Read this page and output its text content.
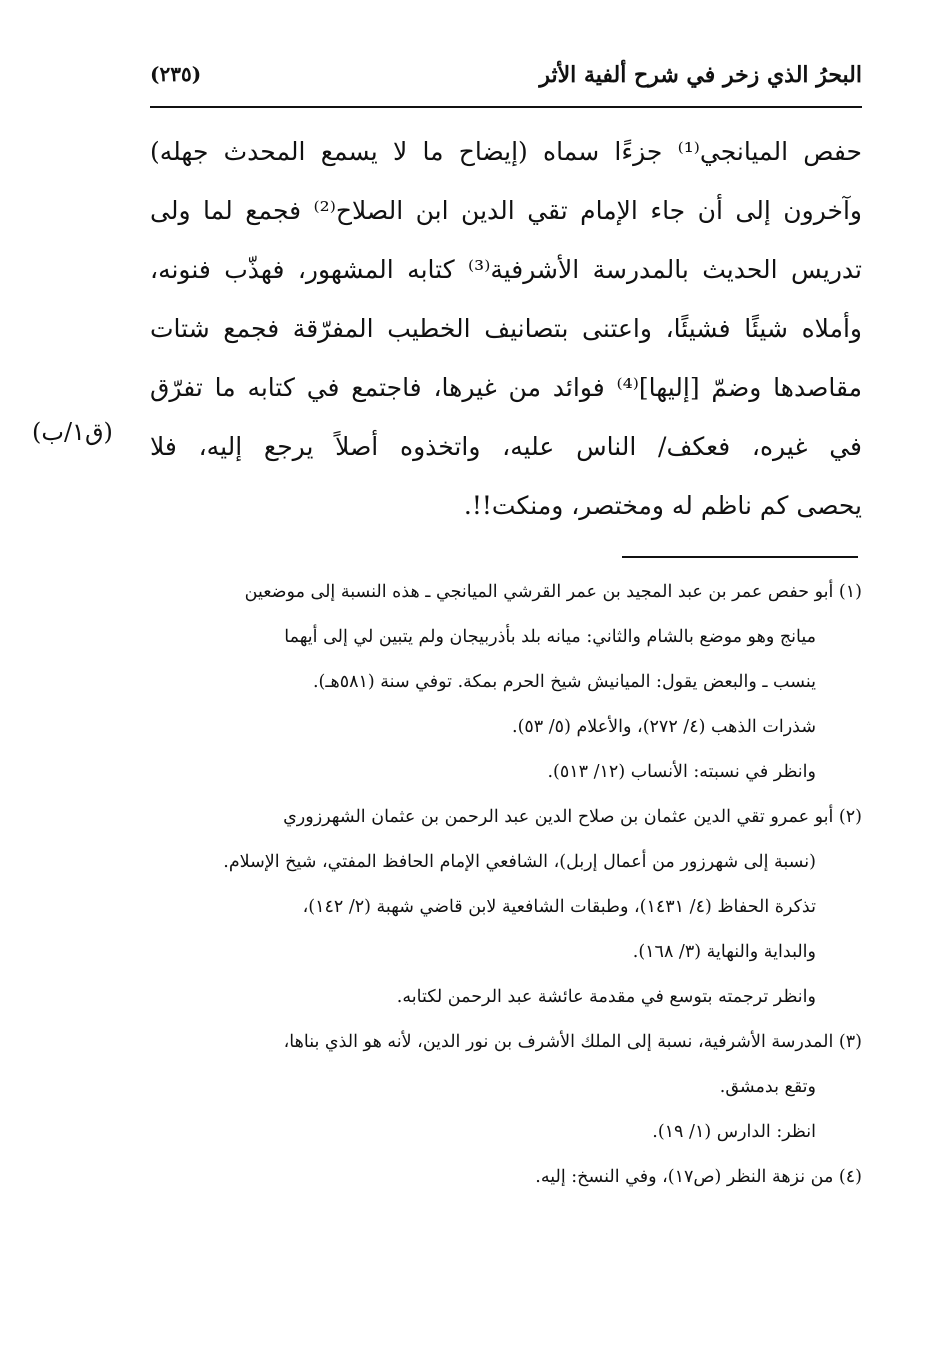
البحرُ الذي زخر في شرح ألفية الأثر
(٢٣٥)
حفص الميانجي⁽¹⁾ جزءًا سماه (إيضاح ما لا يسمع المحدث جهله)
وآخرون إلى أن جاء الإمام تقي الدين ابن الصلاح⁽²⁾ فجمع لما ولى
تدريس الحديث بالمدرسة الأشرفية⁽³⁾ كتابه المشهور، فهذّب فنونه،
وأملاه شيئًا فشيئًا، واعتنى بتصانيف الخطيب المفرّقة فجمع شتات
مقاصدها وضمّ [إليها]⁽⁴⁾ فوائد من غيرها، فاجتمع في كتابه ما تفرّق
في غيره، فعكف/ الناس عليه، واتخذوه أصلاً يرجع إليه، فلا
يحصى كم ناظم له ومختصر، ومنكت!!.
(ق١/ب)
(١) أبو حفص عمر بن عبد المجيد بن عمر القرشي الميانجي ـ هذه النسبة إلى موضعين
ميانج وهو موضع بالشام والثاني: ميانه بلد بأذربيجان ولم يتبين لي إلى أيهما
ينسب ـ والبعض يقول: الميانيش شيخ الحرم بمكة. توفي سنة (٥٨١هـ).
شذرات الذهب (٤/ ٢٧٢)، والأعلام (٥/ ٥٣).
وانظر في نسبته: الأنساب (١٢/ ٥١٣).
(٢) أبو عمرو تقي الدين عثمان بن صلاح الدين عبد الرحمن بن عثمان الشهرزوري
(نسبة إلى شهرزور من أعمال إربل)، الشافعي الإمام الحافظ المفتي، شيخ الإسلام.
تذكرة الحفاظ (٤/ ١٤٣١)، وطبقات الشافعية لابن قاضي شهبة (٢/ ١٤٢)،
والبداية والنهاية (٣/ ١٦٨).
وانظر ترجمته بتوسع في مقدمة عائشة عبد الرحمن لكتابه.
(٣) المدرسة الأشرفية، نسبة إلى الملك الأشرف بن نور الدين، لأنه هو الذي بناها،
وتقع بدمشق.
انظر: الدارس (١/ ١٩).
(٤) من نزهة النظر (ص١٧)، وفي النسخ: إليه.
